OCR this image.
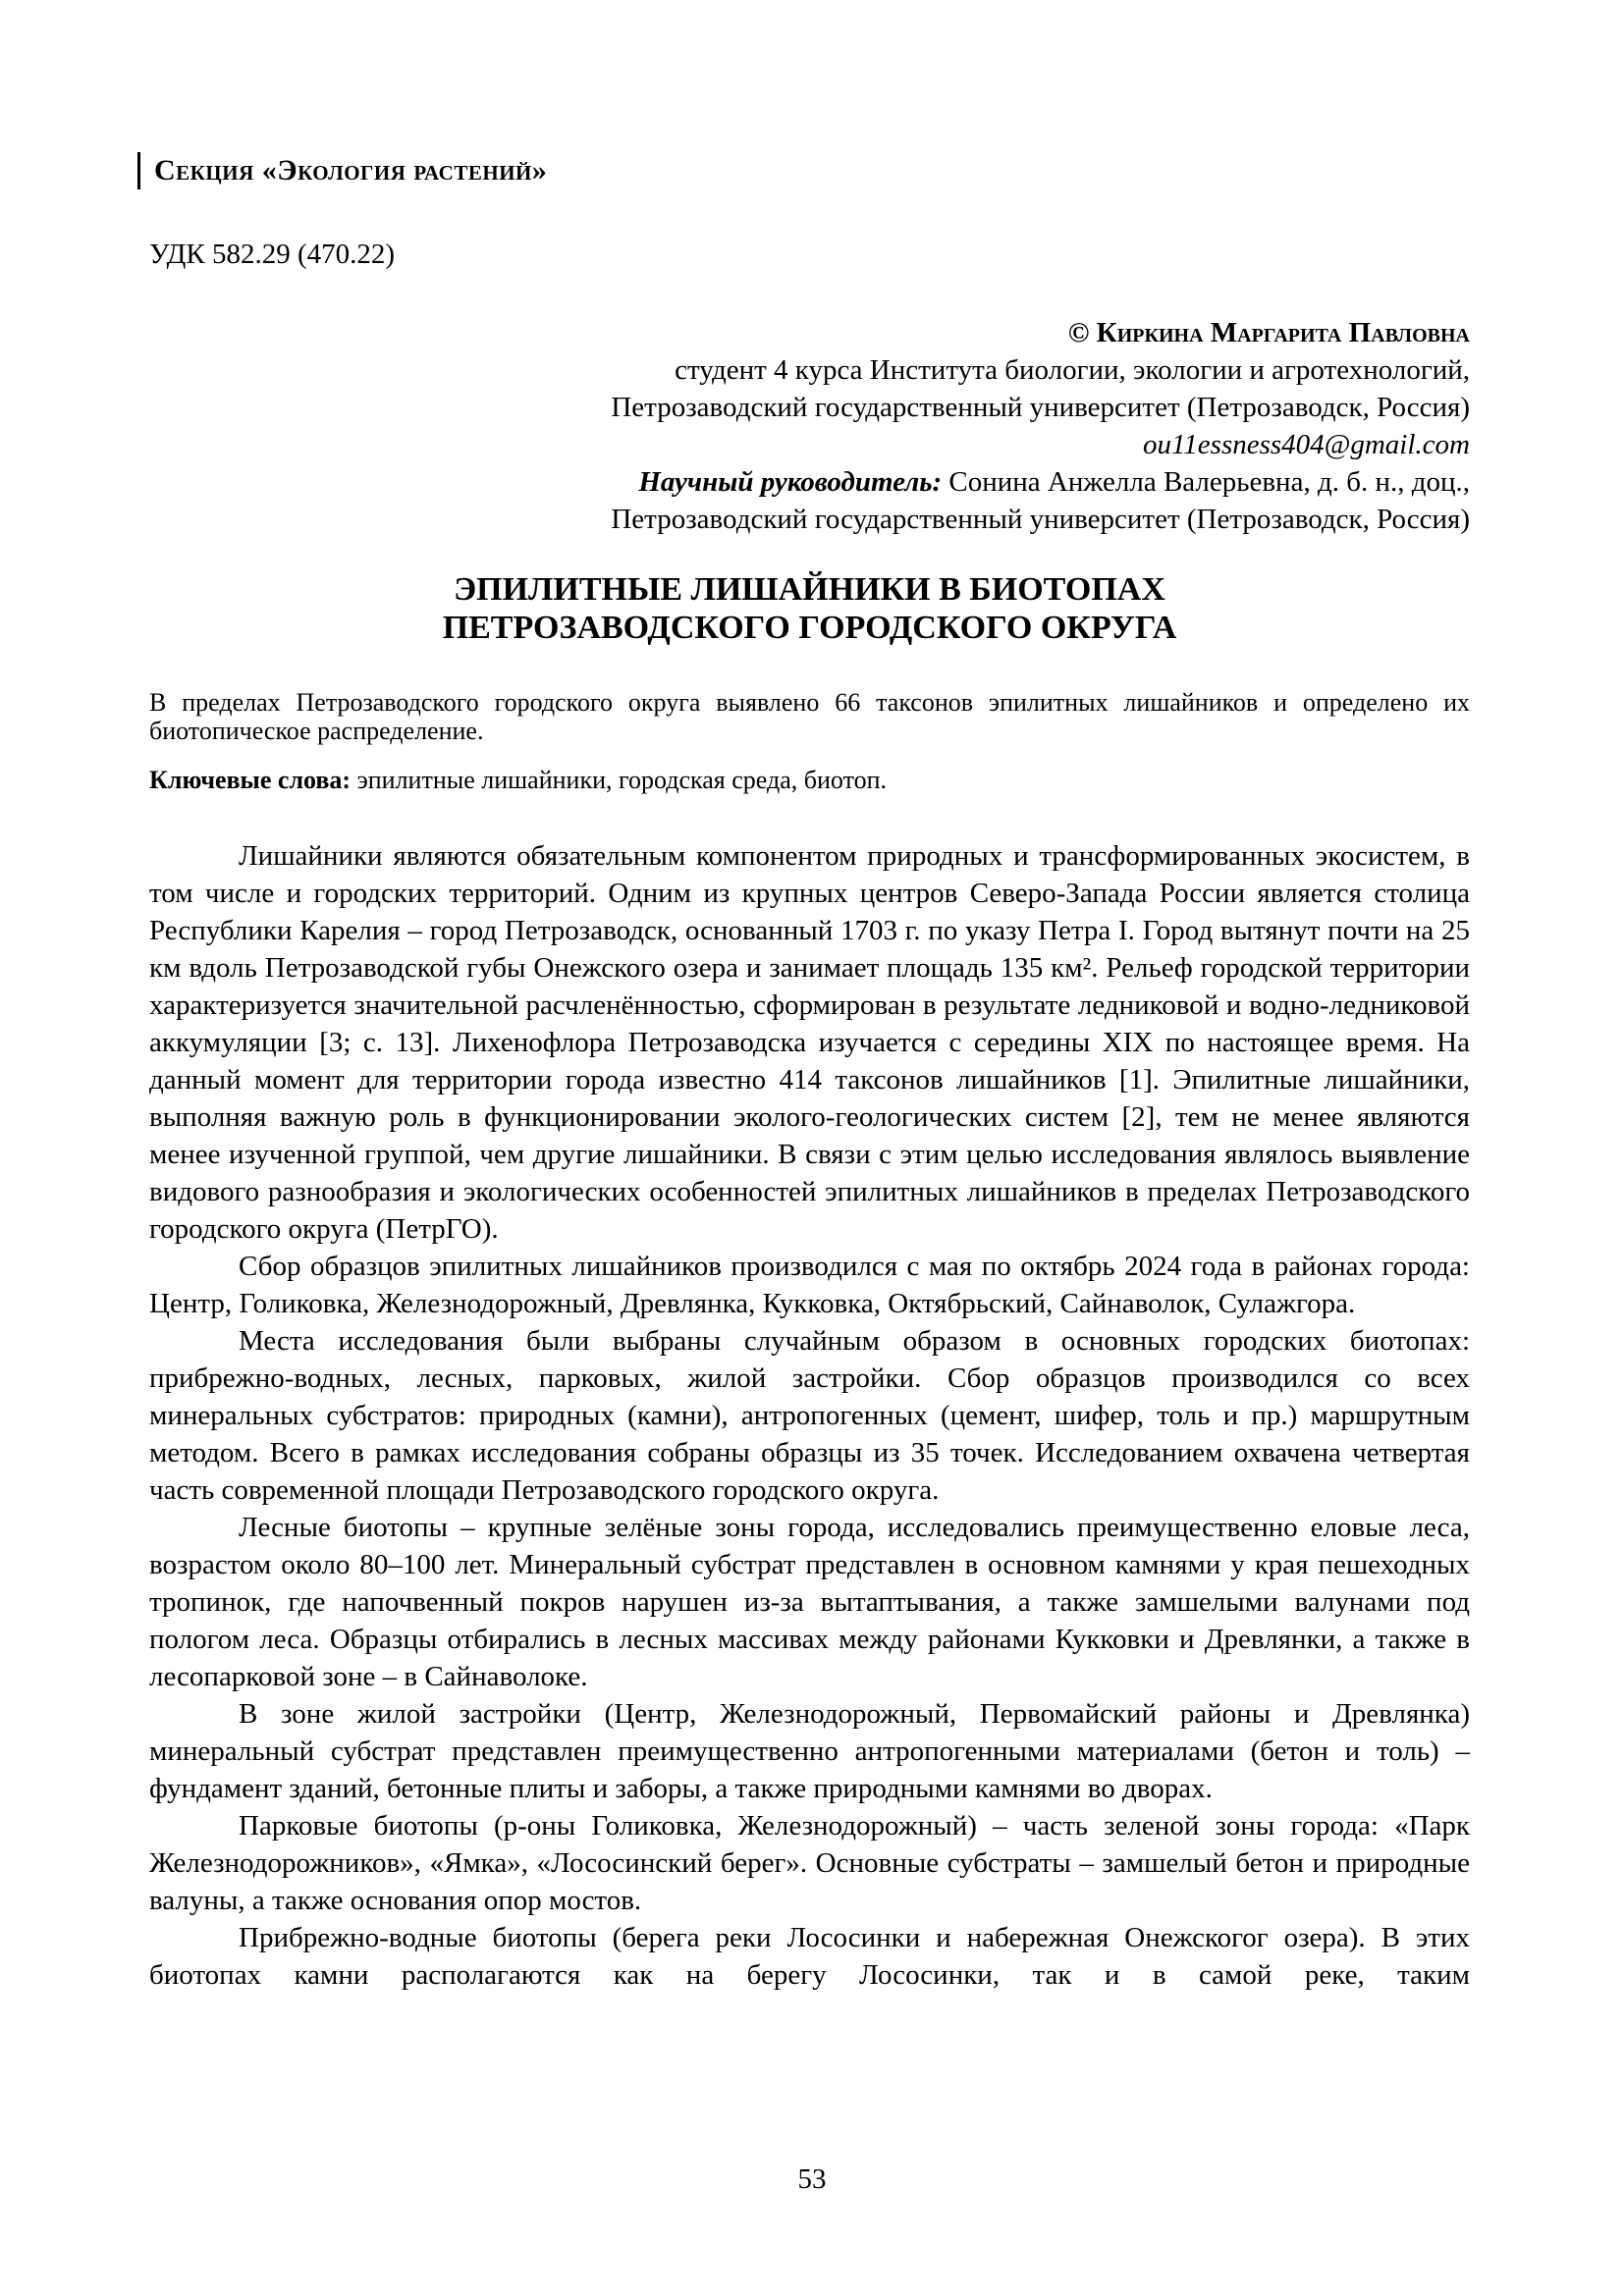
Секция «Экология растений»
УДК 582.29 (470.22)
© Киркина Маргарита Павловна
студент 4 курса Института биологии, экологии и агротехнологий,
Петрозаводский государственный университет (Петрозаводск, Россия)
ou11essness404@gmail.com
Научный руководитель: Сонина Анжелла Валерьевна, д. б. н., доц.,
Петрозаводский государственный университет (Петрозаводск, Россия)
ЭПИЛИТНЫЕ ЛИШАЙНИКИ В БИОТОПАХ
ПЕТРОЗАВОДСКОГО ГОРОДСКОГО ОКРУГА

В пределах Петрозаводского городского округа выявлено 66 таксонов эпилитных лишайников и определено их биотопическое распределение.

Ключевые слова: эпилитные лишайники, городская среда, биотоп.

Лишайники являются обязательным компонентом природных и трансформированных экосистем, в том числе и городских территорий. Одним из крупных центров Северо-Запада России является столица Республики Карелия – город Петрозаводск, основанный 1703 г. по указу Петра I. Город вытянут почти на 25 км вдоль Петрозаводской губы Онежского озера и занимает площадь 135 км². Рельеф городской территории характеризуется значительной расчленённостью, сформирован в результате ледниковой и водно-ледниковой аккумуляции [3; с. 13]. Лихенофлора Петрозаводска изучается с середины XIX по настоящее время. На данный момент для территории города известно 414 таксонов лишайников [1]. Эпилитные лишайники, выполняя важную роль в функционировании эколого-геологических систем [2], тем не менее являются менее изученной группой, чем другие лишайники. В связи с этим целью исследования являлось выявление видового разнообразия и экологических особенностей эпилитных лишайников в пределах Петрозаводского городского округа (ПетрГО).

Сбор образцов эпилитных лишайников производился с мая по октябрь 2024 года в районах города: Центр, Голиковка, Железнодорожный, Древлянка, Кукковка, Октябрьский, Сайнаволок, Сулажгора.

Места исследования были выбраны случайным образом в основных городских биотопах: прибрежно-водных, лесных, парковых, жилой застройки. Сбор образцов производился со всех минеральных субстратов: природных (камни), антропогенных (цемент, шифер, толь и пр.) маршрутным методом. Всего в рамках исследования собраны образцы из 35 точек. Исследованием охвачена четвертая часть современной площади Петрозаводского городского округа.

Лесные биотопы – крупные зелёные зоны города, исследовались преимущественно еловые леса, возрастом около 80–100 лет. Минеральный субстрат представлен в основном камнями у края пешеходных тропинок, где напочвенный покров нарушен из-за вытаптывания, а также замшелыми валунами под пологом леса. Образцы отбирались в лесных массивах между районами Кукковки и Древлянки, а также в лесопарковой зоне – в Сайнаволоке.

В зоне жилой застройки (Центр, Железнодорожный, Первомайский районы и Древлянка) минеральный субстрат представлен преимущественно антропогенными материалами (бетон и толь) – фундамент зданий, бетонные плиты и заборы, а также природными камнями во дворах.

Парковые биотопы (р-оны Голиковка, Железнодорожный) – часть зеленой зоны города: «Парк Железнодорожников», «Ямка», «Лососинский берег». Основные субстраты – замшелый бетон и природные валуны, а также основания опор мостов.

Прибрежно-водные биотопы (берега реки Лососинки и набережная Онежскогог озера). В этих биотопах камни располагаются как на берегу Лососинки, так и в самой реке, таким

53
